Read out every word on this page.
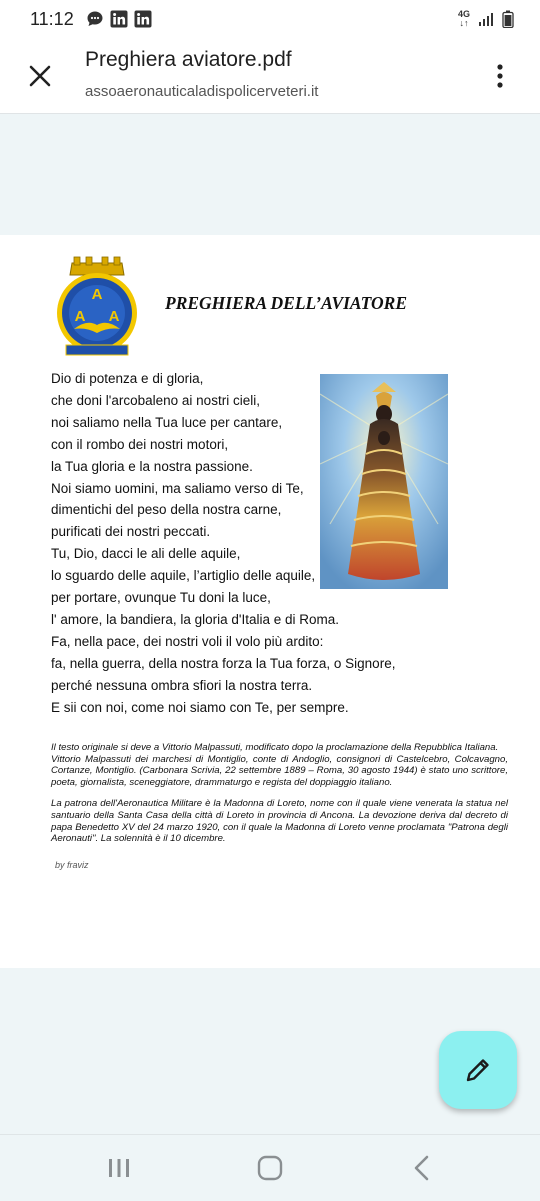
11:12	4G
↓↑
Preghiera aviatore.pdf
assoaeronauticaladispolicerveteri.it
A
A A
PREGHIERA DELL’AVIATORE
Dio di potenza e di gloria,
che doni l'arcobaleno ai nostri cieli,
noi saliamo nella Tua luce per cantare,
con il rombo dei nostri motori,
la Tua gloria e la nostra passione.
Noi siamo uomini, ma saliamo verso di Te,
dimentichi del peso della nostra carne,
purificati dei nostri peccati.
Tu, Dio, dacci le ali delle aquile,
lo sguardo delle aquile, l’artiglio delle aquile,
per portare, ovunque Tu doni la luce,
l' amore, la bandiera, la gloria d'Italia e di Roma.
Fa, nella pace, dei nostri voli il volo più ardito:
fa, nella guerra, della nostra forza la Tua forza, o Signore,
perché nessuna ombra sfiori la nostra terra.
E sii con noi, come noi siamo con Te, per sempre.

Il testo originale si deve a Vittorio Malpassuti, modificato dopo la proclamazione della Repubblica Italiana.

Vittorio Malpassuti dei marchesi di Montiglio, conte di Andoglio, consignori di Castelcebro, Colcavagno, Cortanze, Montiglio. (Carbonara Scrivia, 22 settembre 1889 – Roma, 30 agosto 1944) è stato uno scrittore, poeta, giornalista, sceneggiatore, drammaturgo e regista del doppiaggio italiano.

La patrona dell'Aeronautica Militare è la Madonna di Loreto, nome con il quale viene venerata la statua nel santuario della Santa Casa della città di Loreto in provincia di Ancona. La devozione deriva dal decreto di papa Benedetto XV del 24 marzo 1920, con il quale la Madonna di Loreto venne proclamata "Patrona degli Aeronauti". La solennità è il 10 dicembre.

by fraviz
